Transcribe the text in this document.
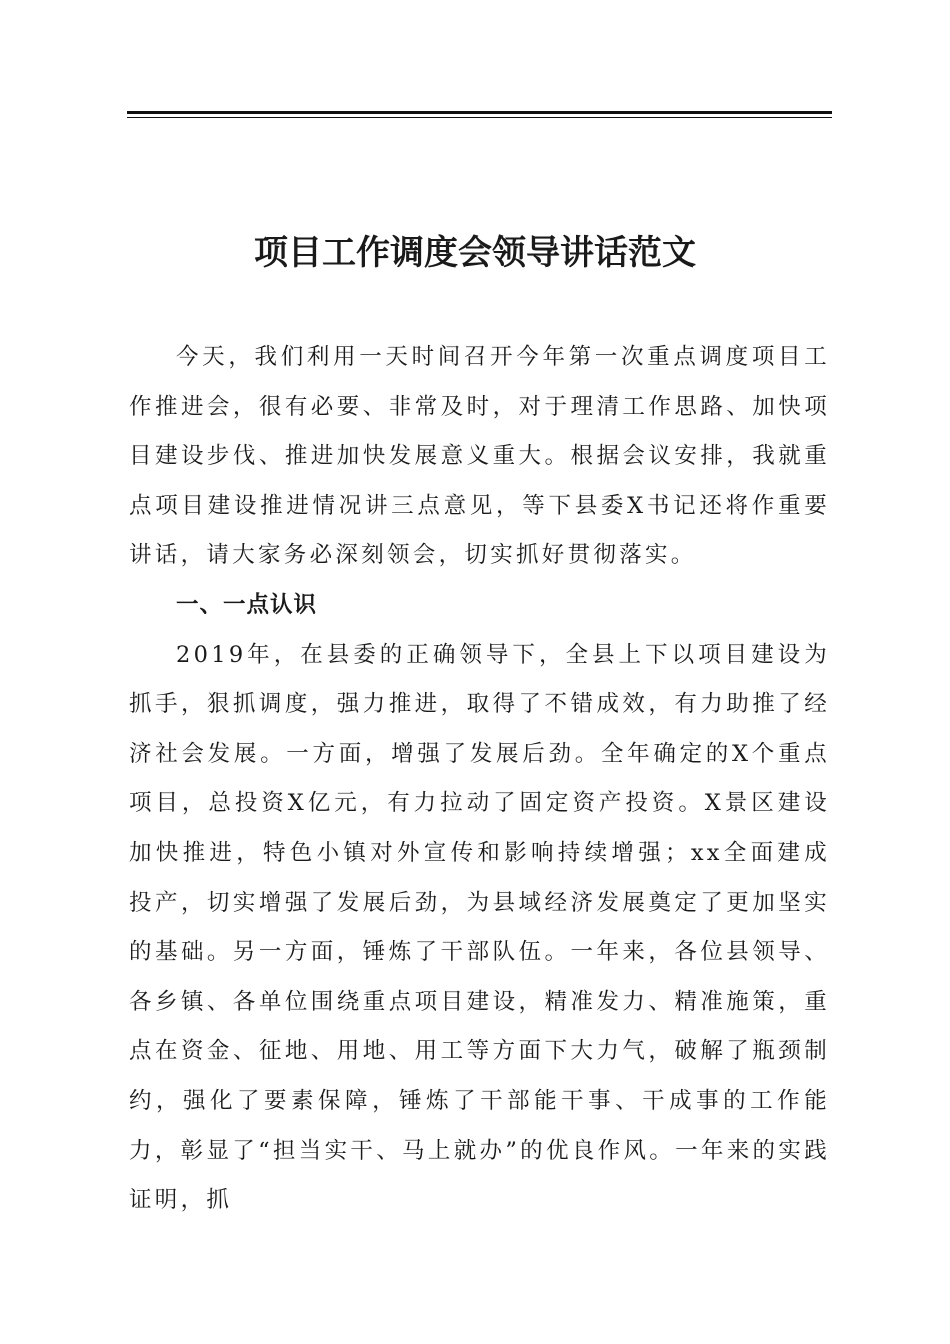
项目工作调度会领导讲话范文

今天，我们利用一天时间召开今年第一次重点调度项目工作推进会，很有必要、非常及时，对于理清工作思路、加快项目建设步伐、推进加快发展意义重大。根据会议安排，我就重点项目建设推进情况讲三点意见，等下县委X书记还将作重要讲话，请大家务必深刻领会，切实抓好贯彻落实。

一、一点认识

2019年，在县委的正确领导下，全县上下以项目建设为抓手，狠抓调度，强力推进，取得了不错成效，有力助推了经济社会发展。一方面，增强了发展后劲。全年确定的X个重点项目，总投资X亿元，有力拉动了固定资产投资。X景区建设加快推进，特色小镇对外宣传和影响持续增强；xx全面建成投产，切实增强了发展后劲，为县域经济发展奠定了更加坚实的基础。另一方面，锤炼了干部队伍。一年来，各位县领导、各乡镇、各单位围绕重点项目建设，精准发力、精准施策，重点在资金、征地、用地、用工等方面下大力气，破解了瓶颈制约，强化了要素保障，锤炼了干部能干事、干成事的工作能力，彰显了“担当实干、马上就办”的优良作风。一年来的实践证明，抓
